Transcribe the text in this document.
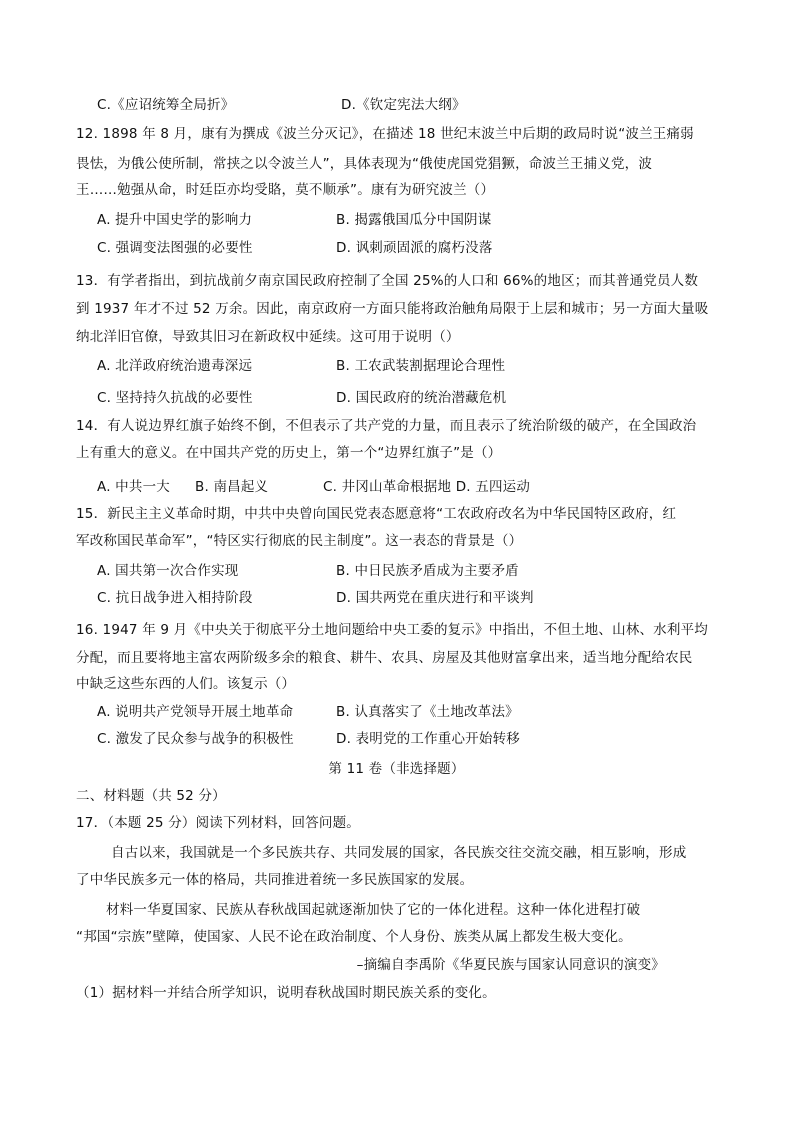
C.《应诏统筹全局折》	D.《钦定宪法大纲》
12. 1898 年 8 月，康有为撰成《波兰分灭记》，在描述 18 世纪末波兰中后期的政局时说“波兰王痛弱
畏怯，为俄公使所制，常挟之以令波兰人”，具体表现为“俄使虎国党猖獗，命波兰王捕义党，波
王……勉强从命，时廷臣亦均受賂，莫不顺承”。康有为研究波兰（）
A. 提升中国史学的影响力	B. 揭露俄国瓜分中国阴谋
C. 强调变法图强的必要性	D. 讽刺顽固派的腐朽没落
13．有学者指出，到抗战前夕南京国民政府控制了全国 25%的人口和 66%的地区；而其普通党员人数
到 1937 年才不过 52 万余。因此，南京政府一方面只能将政治触角局限于上层和城市；另一方面大量吸
纳北洋旧官僚，导致其旧习在新政权中延续。这可用于说明（）
A. 北洋政府统治遗毒深远	B. 工农武装割据理论合理性
C. 坚持持久抗战的必要性	D. 国民政府的统治潜藏危机
14．有人说边界红旗子始终不倒，不但表示了共产党的力量，而且表示了统治阶级的破产，在全国政治
上有重大的意义。在中国共产党的历史上，第一个“边界红旗子”是（）
A. 中共一大 B. 南昌起义	C. 井冈山革命根据地 D. 五四运动
15．新民主主义革命时期，中共中央曾向国民党表态愿意将“工农政府改名为中华民国特区政府，红
军改称国民革命军”，“特区实行彻底的民主制度”。这一表态的背景是（）
A. 国共第一次合作实现	B. 中日民族矛盾成为主要矛盾
C. 抗日战争进入相持阶段	D. 国共两党在重庆进行和平谈判
16. 1947 年 9 月《中央关于彻底平分土地问题给中央工委的复示》中指出，不但土地、山林、水利平均
分配，而且要将地主富农两阶级多余的粮食、耕牛、农具、房屋及其他财富拿出来，适当地分配给农民
中缺乏这些东西的人们。该复示（）
A. 说明共产党领导开展土地革命	B. 认真落实了《土地改革法》
C. 激发了民众参与战争的积极性	D. 表明党的工作重心开始转移
第 11 卷（非选择题）
二、材料题（共 52 分）
17．（本题 25 分）阅读下列材料，回答问题。
自古以来，我国就是一个多民族共存、共同发展的国家，各民族交往交流交融，相互影响，形成
了中华民族多元一体的格局，共同推进着统一多民族国家的发展。
材料一华夏国家、民族从春秋战国起就逐渐加快了它的一体化进程。这种一体化进程打破
“邦国“宗族”壁障，使国家、人民不论在政治制度、个人身份、族类从属上都发生极大变化。
–摘编自李禹阶《华夏民族与国家认同意识的演变》
（1）据材料一并结合所学知识，说明春秋战国时期民族关系的变化。
